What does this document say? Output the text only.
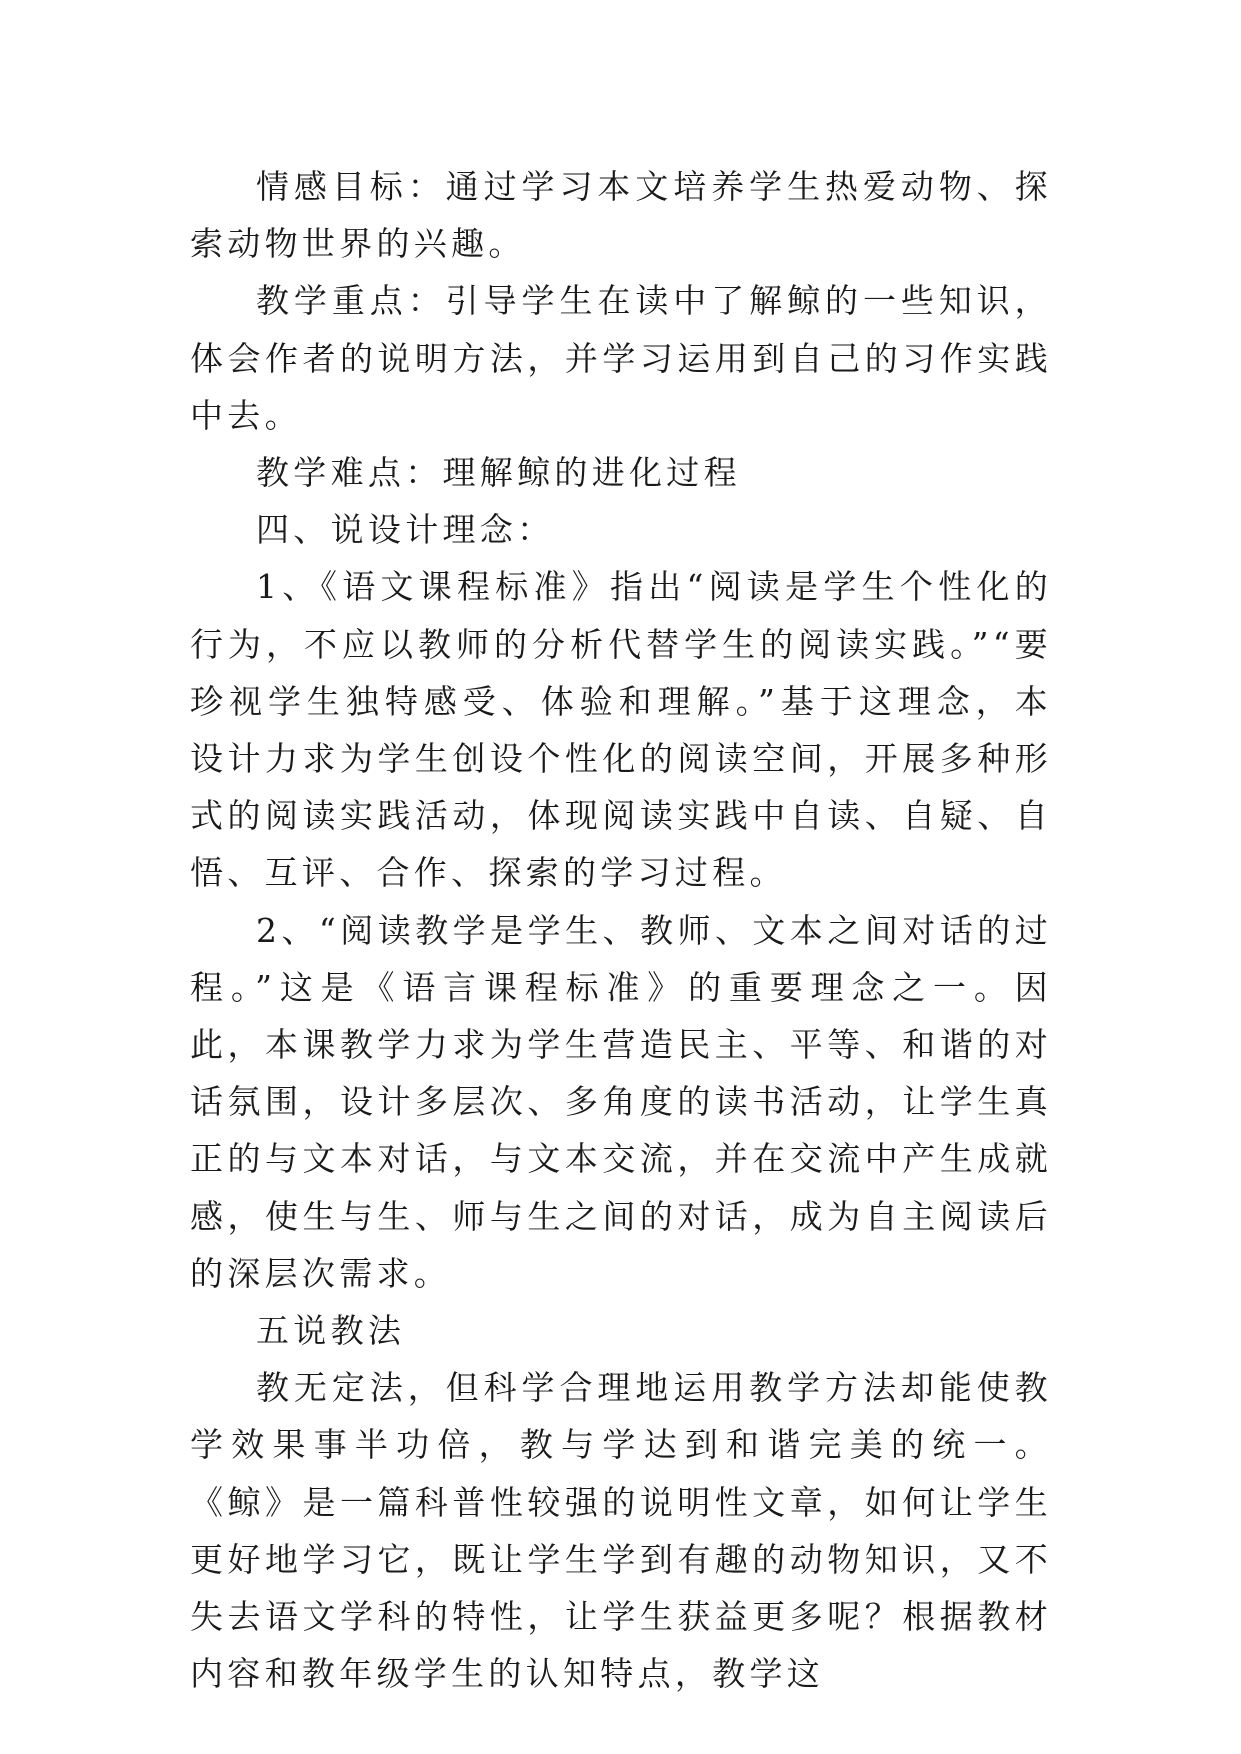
情感目标：通过学习本文培养学生热爱动物、探索动物世界的兴趣。

教学重点：引导学生在读中了解鲸的一些知识，体会作者的说明方法，并学习运用到自己的习作实践中去。

教学难点：理解鲸的进化过程

四、说设计理念：

1、《语文课程标准》指出“阅读是学生个性化的行为，不应以教师的分析代替学生的阅读实践。”“要珍视学生独特感受、体验和理解。”基于这理念，本设计力求为学生创设个性化的阅读空间，开展多种形式的阅读实践活动，体现阅读实践中自读、自疑、自悟、互评、合作、探索的学习过程。

2、“阅读教学是学生、教师、文本之间对话的过程。”这是《语言课程标准》的重要理念之一。因此，本课教学力求为学生营造民主、平等、和谐的对话氛围，设计多层次、多角度的读书活动，让学生真正的与文本对话，与文本交流，并在交流中产生成就感，使生与生、师与生之间的对话，成为自主阅读后的深层次需求。

五说教法

教无定法，但科学合理地运用教学方法却能使教学效果事半功倍，教与学达到和谐完美的统一。《鲸》是一篇科普性较强的说明性文章，如何让学生更好地学习它，既让学生学到有趣的动物知识，又不失去语文学科的特性，让学生获益更多呢？根据教材内容和教年级学生的认知特点，教学这
